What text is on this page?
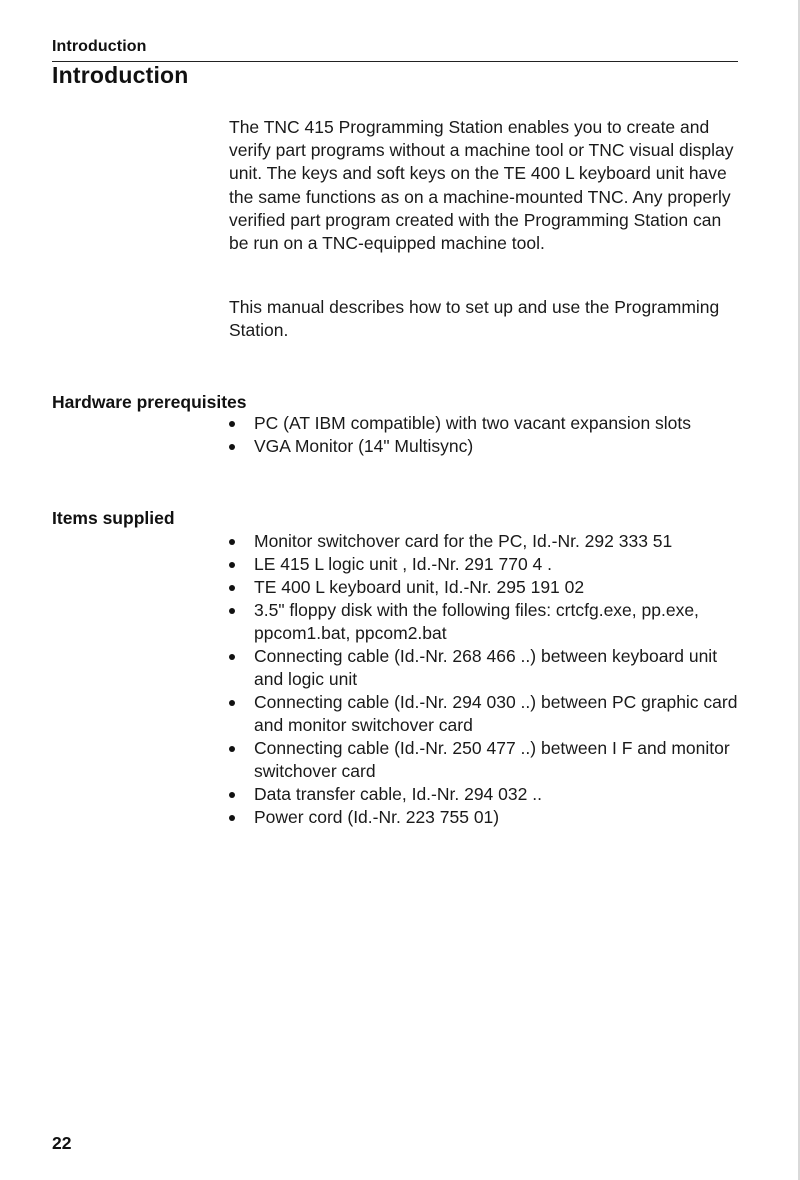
Introduction
Introduction

The TNC 415 Programming Station enables you to create and verify part programs without a machine tool or TNC visual display unit. The keys and soft keys on the TE 400 L keyboard unit have the same functions as on a machine-mounted TNC. Any properly verified part program created with the Programming Station can be run on a TNC-equipped machine tool.

This manual describes how to set up and use the Programming Station.

Hardware prerequisites
PC (AT IBM compatible) with two vacant expansion slots
VGA Monitor (14" Multisync)
Items supplied
Monitor switchover card for the PC, Id.-Nr. 292 333 51
LE 415 L logic unit , Id.-Nr. 291 770 4 .
TE 400 L keyboard unit, Id.-Nr. 295 191 02
3.5" floppy disk with the following files: crtcfg.exe, pp.exe, ppcom1.bat, ppcom2.bat
Connecting cable (Id.-Nr. 268 466 ..) between keyboard unit and logic unit
Connecting cable (Id.-Nr. 294 030 ..) between PC graphic card and monitor switchover card
Connecting cable (Id.-Nr. 250 477 ..) between I F and monitor switchover card
Data transfer cable, Id.-Nr. 294 032 ..
Power cord (Id.-Nr. 223 755 01)
22
